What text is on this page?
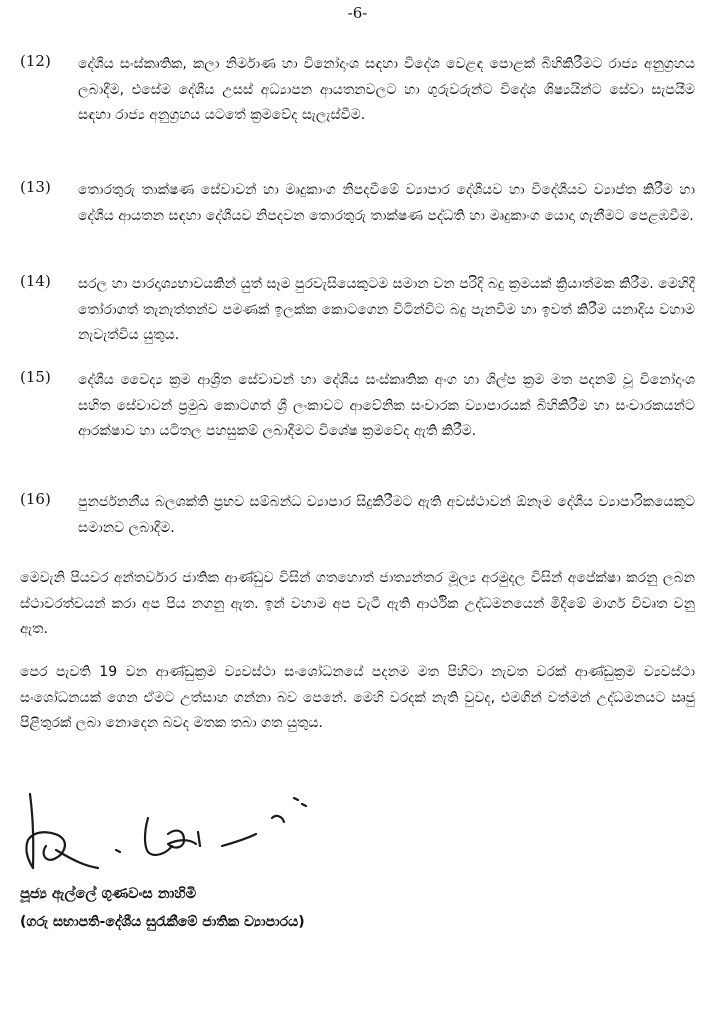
-6-
(12) දේශීය සංස්කෘතික, කලා නිර්මාණ හා විනෝදාංශ සඳහා විදේශ වෙළඳ පොළක් බිහිකිරීමට රාජ්‍ය අනුග්‍රහය ලබාදීම, එසේම දේශීය උසස් අධ්‍යාපන ආයතනවලට හා ගුරුවරුන්ට විදේශ ශිෂ්‍යයින්ට සේවා සැපයීම සඳහා රාජ්‍ය අනුග්‍රහය යටතේ ක්‍රමවේද සැලැස්වීම.
(13) තොරතුරු තාක්ෂණ සේවාවන් හා මෘදුකාංග නිපදවීමේ ව්‍යාපාර දේශීයව හා විදේශීයව ව්‍යාප්ත කිරීම හා දේශීය ආයතන සඳහා දේශීයව නිපදවන තොරතුරු තාක්ෂණ පද්ධති හා මෘදුකාංග යොදා ගැනීමට පෙළඹවීම.
(14) සරල හා පාරදෘශ්‍යභාවයකින් යුත් සෑම පුරවැසියෙකුටම සමාන වන පරිදි බදු ක්‍රමයක් ක්‍රියාත්මක කිරීම. මෙහිදී තෝරාගත් තැනැත්තන්ව පමණක් ඉලක්ක කොටගෙන විටින්විට බදු පැනවීම හා ඉවත් කිරීම යනාදිය වහාම නැවැත්විය යුතුය.
(15) දේශීය වෛද්‍ය ක්‍රම ආශ්‍රිත සේවාවන් හා දේශීය සංස්කෘතික අංග හා ශිල්ප ක්‍රම මත පදනම් වූ විනෝදාංශ සහිත සේවාවන් ප්‍රමුඛ කොටගත් ශ්‍රී ලංකාවට ආවේනික සංචාරක ව්‍යාපාරයක් බිහිකිරීම හා සංචාරකයන්ට ආරක්ෂාව හා යටිතල පහසුකම් ලබාදීමට විශේෂ ක්‍රමවේද ඇති කිරීම.
(16) පුනර්ජනනීය බලශක්ති ප්‍රභව සම්බන්ධ ව්‍යාපාර සිදුකිරීමට ඇති අවස්ථාවන් ඕනෑම දේශීය ව්‍යාපාරිකයෙකුට සමානව ලබාදීම.
මෙවැනි පියවර අන්තර්වාර ජාතික ආණ්ඩුව විසින් ගතහොත් ජාත්‍යන්තර මූල්‍ය අරමුදල විසින් අපේක්ෂා කරනු ලබන ස්ථාවරත්වයන් කරා අප පිය නගනු ඇත. ඉන් වහාම අප වැටී ඇති ආර්ථික උද්ධමනයෙන් මිදීමේ මාර්ග විවෘත වනු ඇත.
පෙර පැවති 19 වන ආණ්ඩුක්‍රම ව්‍යවස්ථා සංශෝධනයේ පදනම මත පිහිටා නැවත වරක් ආණ්ඩුක්‍රම ව්‍යවස්ථා සංශෝධනයක් ගෙන ඒමට උත්සාහ ගන්නා බව පෙනේ. මෙහි වරදක් නැති වුවද, එමගින් වත්මන් උද්ධමනයට ඍජු පිළිතුරක් ලබා නොදෙන බවද මතක තබා ගත යුතුය.
පූජ්‍ය ඇල්ලේ ගුණවංස නාහිමි
(ගරු සභාපති-දේශීය සුරැකීමේ ජාතික ව්‍යාපාරය)
